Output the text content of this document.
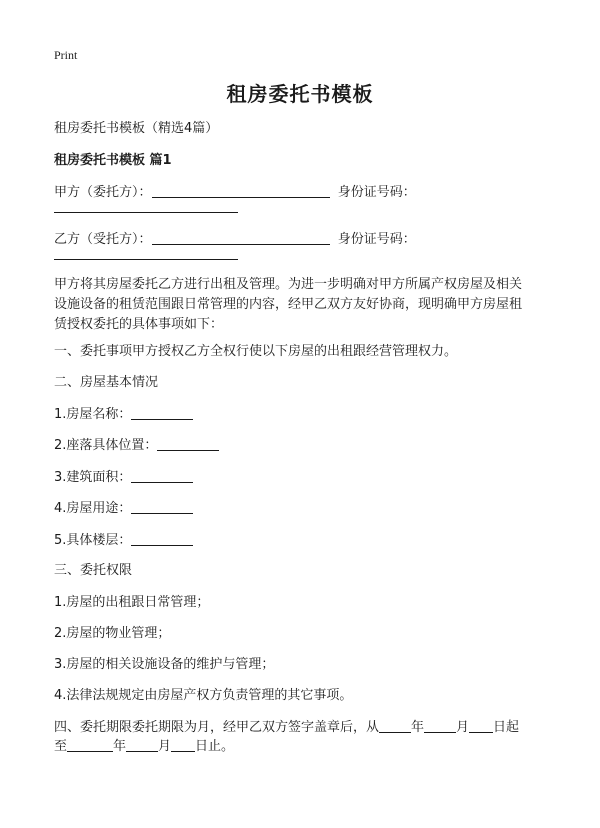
Print
租房委托书模板
租房委托书模板（精选4篇）
租房委托书模板 篇1
甲方（委托方）：	身份证号码：
乙方（受托方）：	身份证号码：
甲方将其房屋委托乙方进行出租及管理。为进一步明确对甲方所属产权房屋及相关
设施设备的租赁范围跟日常管理的内容，经甲乙双方友好协商，现明确甲方房屋租
赁授权委托的具体事项如下：
一、委托事项甲方授权乙方全权行使以下房屋的出租跟经营管理权力。
二、房屋基本情况
1.房屋名称：
2.座落具体位置：
3.建筑面积：
4.房屋用途：
5.具体楼层：
三、委托权限
1.房屋的出租跟日常管理；
2.房屋的物业管理；
3.房屋的相关设施设备的维护与管理；
4.法律法规规定由房屋产权方负责管理的其它事项。
四、委托期限委托期限为月，经甲乙双方签字盖章后，从 年 月 日起
至	年 月 日止。
